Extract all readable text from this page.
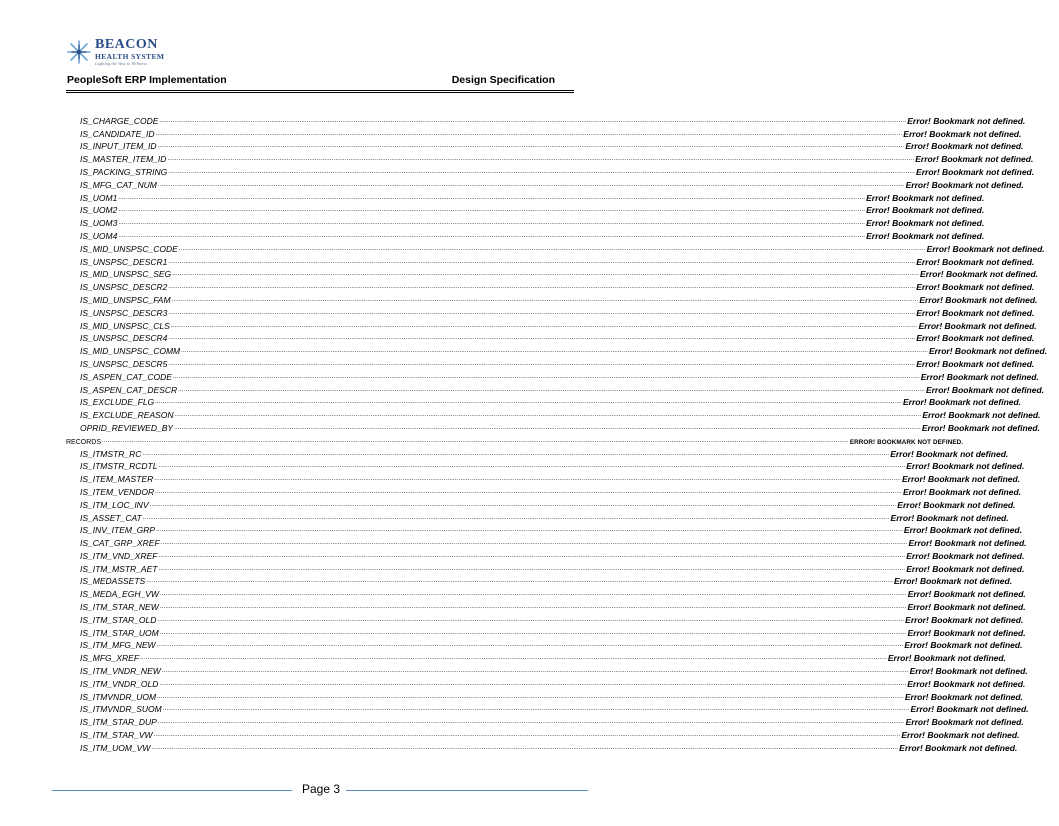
BEACON
HEALTH SYSTEM
Lighting the Way to Wellness
PeopleSoft ERP Implementation	Design Specification
IS_CHARGE_CODE ................................................................................................................................................................................................................................................................................................................................................................................................................ Error! Bookmark not defined.
IS_CANDIDATE_ID ................................................................................................................................................................................................................................................................................................................................................................................................................ Error! Bookmark not defined.
IS_INPUT_ITEM_ID ................................................................................................................................................................................................................................................................................................................................................................................................................ Error! Bookmark not defined.
IS_MASTER_ITEM_ID ................................................................................................................................................................................................................................................................................................................................................................................................................ Error! Bookmark not defined.
IS_PACKING_STRING ................................................................................................................................................................................................................................................................................................................................................................................................................ Error! Bookmark not defined.
IS_MFG_CAT_NUM ................................................................................................................................................................................................................................................................................................................................................................................................................ Error! Bookmark not defined.
IS_UOM1 ................................................................................................................................................................................................................................................................................................................................................................................................................ Error! Bookmark not defined.
IS_UOM2 ................................................................................................................................................................................................................................................................................................................................................................................................................ Error! Bookmark not defined.
IS_UOM3 ................................................................................................................................................................................................................................................................................................................................................................................................................ Error! Bookmark not defined.
IS_UOM4 ................................................................................................................................................................................................................................................................................................................................................................................................................ Error! Bookmark not defined.
IS_MID_UNSPSC_CODE ................................................................................................................................................................................................................................................................................................................................................................................................................ Error! Bookmark not defined.
IS_UNSPSC_DESCR1 ................................................................................................................................................................................................................................................................................................................................................................................................................ Error! Bookmark not defined.
IS_MID_UNSPSC_SEG ................................................................................................................................................................................................................................................................................................................................................................................................................ Error! Bookmark not defined.
IS_UNSPSC_DESCR2 ................................................................................................................................................................................................................................................................................................................................................................................................................ Error! Bookmark not defined.
IS_MID_UNSPSC_FAM ................................................................................................................................................................................................................................................................................................................................................................................................................ Error! Bookmark not defined.
IS_UNSPSC_DESCR3 ................................................................................................................................................................................................................................................................................................................................................................................................................ Error! Bookmark not defined.
IS_MID_UNSPSC_CLS ................................................................................................................................................................................................................................................................................................................................................................................................................ Error! Bookmark not defined.
IS_UNSPSC_DESCR4 ................................................................................................................................................................................................................................................................................................................................................................................................................ Error! Bookmark not defined.
IS_MID_UNSPSC_COMM ................................................................................................................................................................................................................................................................................................................................................................................................................ Error! Bookmark not defined.
IS_UNSPSC_DESCR5 ................................................................................................................................................................................................................................................................................................................................................................................................................ Error! Bookmark not defined.
IS_ASPEN_CAT_CODE ................................................................................................................................................................................................................................................................................................................................................................................................................ Error! Bookmark not defined.
IS_ASPEN_CAT_DESCR ................................................................................................................................................................................................................................................................................................................................................................................................................ Error! Bookmark not defined.
IS_EXCLUDE_FLG ................................................................................................................................................................................................................................................................................................................................................................................................................ Error! Bookmark not defined.
IS_EXCLUDE_REASON ................................................................................................................................................................................................................................................................................................................................................................................................................ Error! Bookmark not defined.
OPRID_REVIEWED_BY ................................................................................................................................................................................................................................................................................................................................................................................................................ Error! Bookmark not defined.
RECORDS ................................................................................................................................................................................................................................................................................................................................................................................................................ ERROR! BOOKMARK NOT DEFINED.
IS_ITMSTR_RC ................................................................................................................................................................................................................................................................................................................................................................................................................ Error! Bookmark not defined.
IS_ITMSTR_RCDTL ................................................................................................................................................................................................................................................................................................................................................................................................................ Error! Bookmark not defined.
IS_ITEM_MASTER ................................................................................................................................................................................................................................................................................................................................................................................................................ Error! Bookmark not defined.
IS_ITEM_VENDOR ................................................................................................................................................................................................................................................................................................................................................................................................................ Error! Bookmark not defined.
IS_ITM_LOC_INV ................................................................................................................................................................................................................................................................................................................................................................................................................ Error! Bookmark not defined.
IS_ASSET_CAT ................................................................................................................................................................................................................................................................................................................................................................................................................ Error! Bookmark not defined.
IS_INV_ITEM_GRP ................................................................................................................................................................................................................................................................................................................................................................................................................ Error! Bookmark not defined.
IS_CAT_GRP_XREF ................................................................................................................................................................................................................................................................................................................................................................................................................ Error! Bookmark not defined.
IS_ITM_VND_XREF ................................................................................................................................................................................................................................................................................................................................................................................................................ Error! Bookmark not defined.
IS_ITM_MSTR_AET ................................................................................................................................................................................................................................................................................................................................................................................................................ Error! Bookmark not defined.
IS_MEDASSETS ................................................................................................................................................................................................................................................................................................................................................................................................................ Error! Bookmark not defined.
IS_MEDA_EGH_VW ................................................................................................................................................................................................................................................................................................................................................................................................................ Error! Bookmark not defined.
IS_ITM_STAR_NEW ................................................................................................................................................................................................................................................................................................................................................................................................................ Error! Bookmark not defined.
IS_ITM_STAR_OLD ................................................................................................................................................................................................................................................................................................................................................................................................................ Error! Bookmark not defined.
IS_ITM_STAR_UOM ................................................................................................................................................................................................................................................................................................................................................................................................................ Error! Bookmark not defined.
IS_ITM_MFG_NEW ................................................................................................................................................................................................................................................................................................................................................................................................................ Error! Bookmark not defined.
IS_MFG_XREF ................................................................................................................................................................................................................................................................................................................................................................................................................ Error! Bookmark not defined.
IS_ITM_VNDR_NEW ................................................................................................................................................................................................................................................................................................................................................................................................................ Error! Bookmark not defined.
IS_ITM_VNDR_OLD ................................................................................................................................................................................................................................................................................................................................................................................................................ Error! Bookmark not defined.
IS_ITMVNDR_UOM ................................................................................................................................................................................................................................................................................................................................................................................................................ Error! Bookmark not defined.
IS_ITMVNDR_SUOM ................................................................................................................................................................................................................................................................................................................................................................................................................ Error! Bookmark not defined.
IS_ITM_STAR_DUP ................................................................................................................................................................................................................................................................................................................................................................................................................ Error! Bookmark not defined.
IS_ITM_STAR_VW ................................................................................................................................................................................................................................................................................................................................................................................................................ Error! Bookmark not defined.
IS_ITM_UOM_VW ................................................................................................................................................................................................................................................................................................................................................................................................................ Error! Bookmark not defined.
Page 3
